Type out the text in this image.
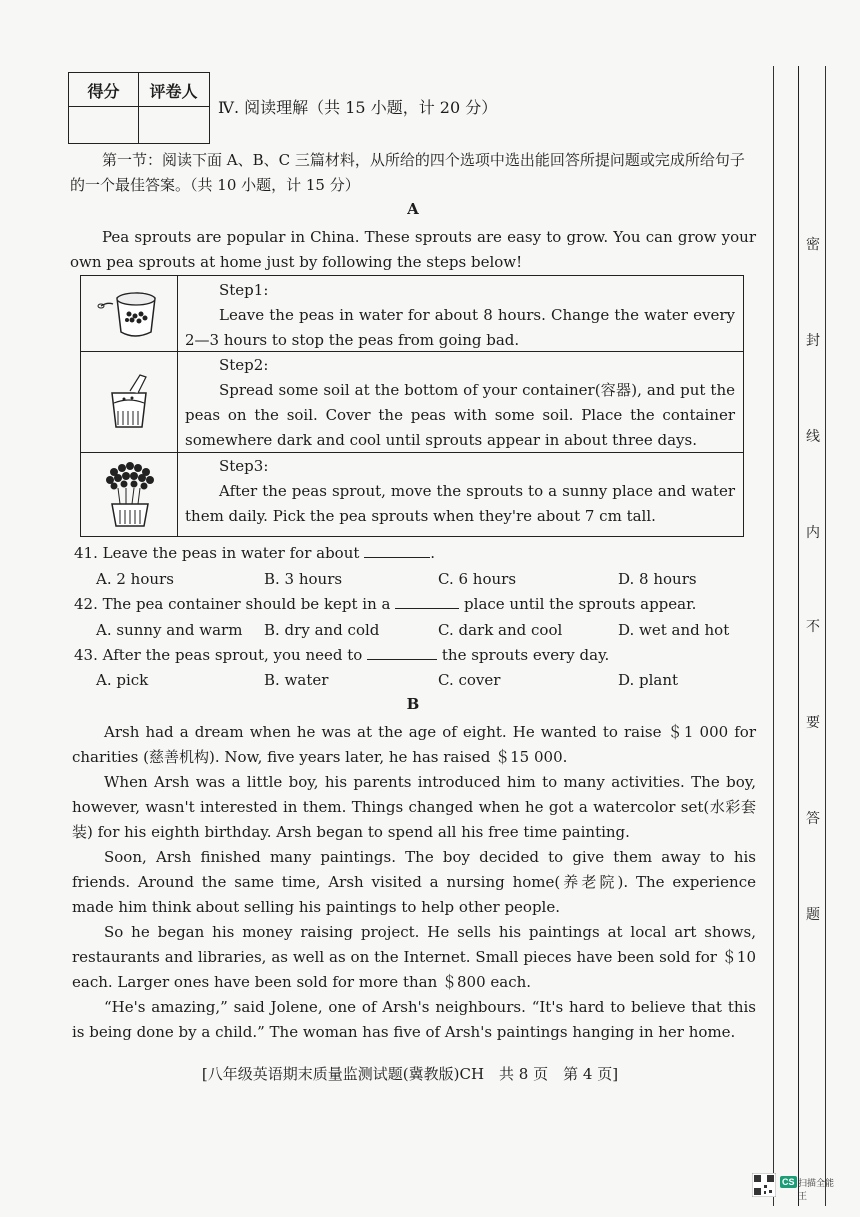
得分	评卷人
Ⅳ. 阅读理解（共 15 小题，计 20 分）
第一节：阅读下面 A、B、C 三篇材料，从所给的四个选项中选出能回答所提问题或完成所给句子的一个最佳答案。（共 10 小题，计 15 分）
A
Pea sprouts are popular in China. These sprouts are easy to grow. You can grow your own pea sprouts at home just by following the steps below!
Step1:
Leave the peas in water for about 8 hours. Change the water every 2—3 hours to stop the peas from going bad.
Step2:
Spread some soil at the bottom of your container(容器), and put the peas on the soil. Cover the peas with some soil. Place the container somewhere dark and cool until sprouts appear in about three days.
Step3:
After the peas sprout, move the sprouts to a sunny place and water them daily. Pick the pea sprouts when they're about 7 cm tall.
41. Leave the peas in water for about	.
A. 2 hours	B. 3 hours	C. 6 hours	D. 8 hours
42. The pea container should be kept in a	place until the sprouts appear.
A. sunny and warm B. dry and cold	C. dark and cool	D. wet and hot
43. After the peas sprout, you need to	the sprouts every day.
A. pick	B. water	C. cover	D. plant
B
Arsh had a dream when he was at the age of eight. He wanted to raise ＄1 000 for charities (慈善机构). Now, five years later, he has raised ＄15 000.
When Arsh was a little boy, his parents introduced him to many activities. The boy, however, wasn't interested in them. Things changed when he got a watercolor set(水彩套装) for his eighth birthday. Arsh began to spend all his free time painting.
Soon, Arsh finished many paintings. The boy decided to give them away to his friends. Around the same time, Arsh visited a nursing home(养老院). The experience made him think about selling his paintings to help other people.
So he began his money raising project. He sells his paintings at local art shows, restaurants and libraries, as well as on the Internet. Small pieces have been sold for ＄10 each. Larger ones have been sold for more than ＄800 each.
“He's amazing,” said Jolene, one of Arsh's neighbours. “It's hard to believe that this is being done by a child.” The woman has five of Arsh's paintings hanging in her home.
[八年级英语期末质量监测试题(冀教版)CH　共 8 页　第 4 页]
密
封
线
内
不
要
答
题
CS 扫描全能王
